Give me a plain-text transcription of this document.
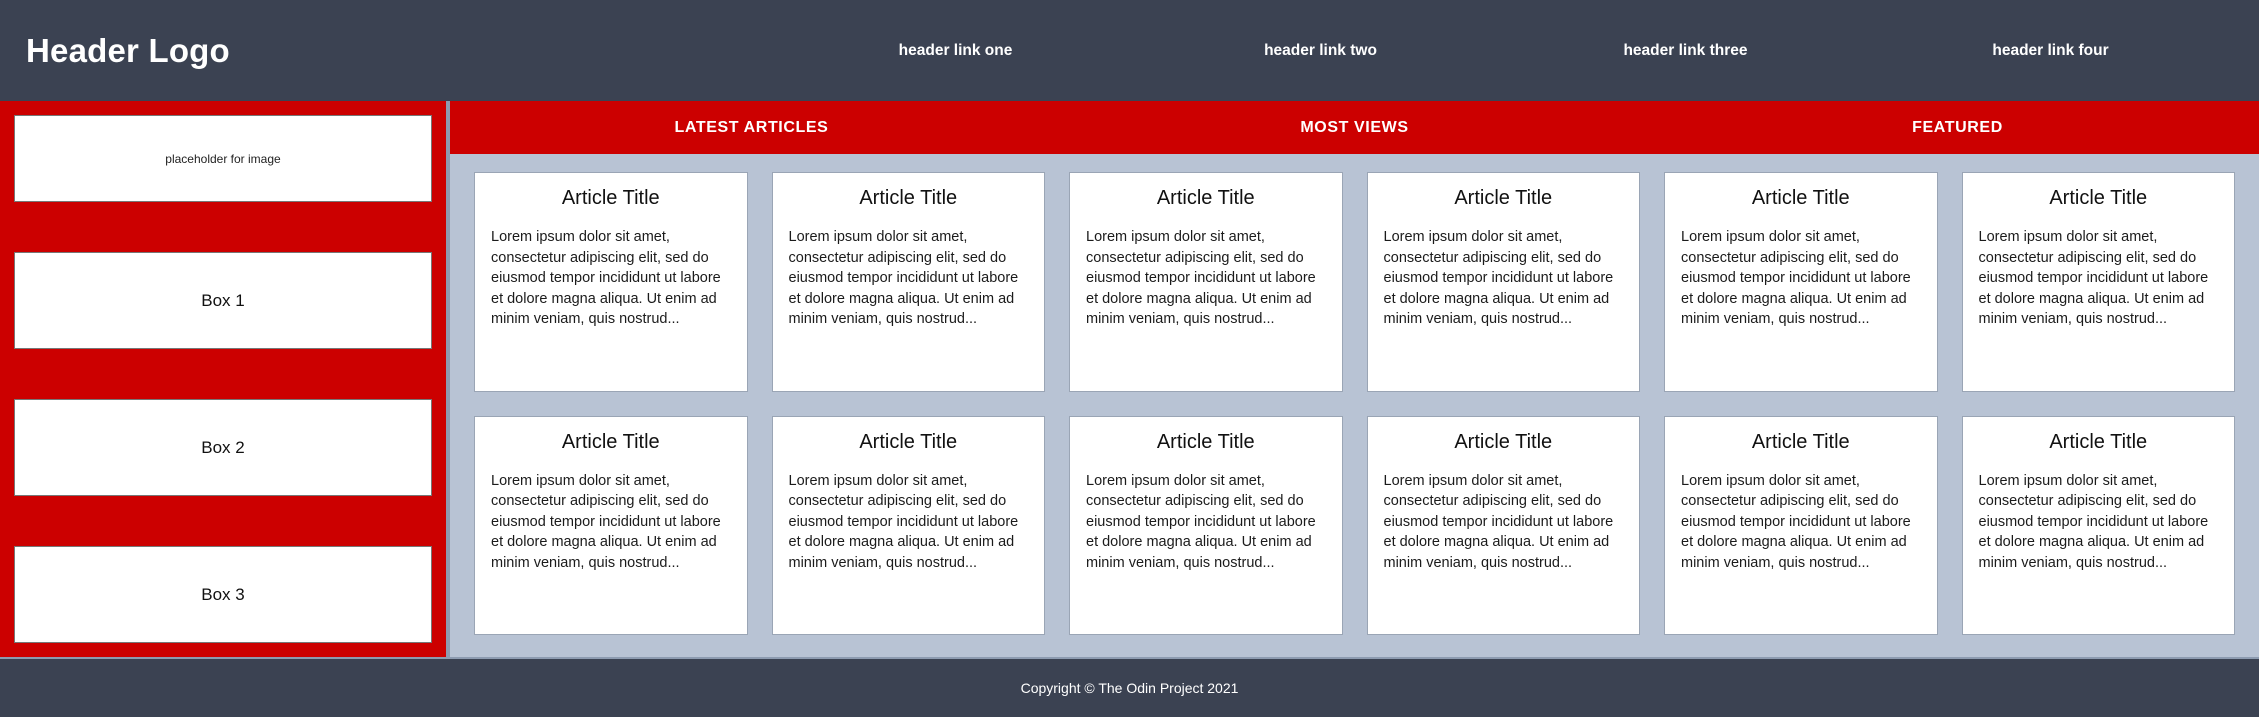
Header Logo	header link one	header link two	header link three	header link four
placeholder for image
Box 1
Box 2
Box 3
LATEST ARTICLES	MOST VIEWS	FEATURED
Article Title
Lorem ipsum dolor sit amet, consectetur adipiscing elit, sed do eiusmod tempor incididunt ut labore et dolore magna aliqua. Ut enim ad minim veniam, quis nostrud...
Article Title
Lorem ipsum dolor sit amet, consectetur adipiscing elit, sed do eiusmod tempor incididunt ut labore et dolore magna aliqua. Ut enim ad minim veniam, quis nostrud...
Article Title
Lorem ipsum dolor sit amet, consectetur adipiscing elit, sed do eiusmod tempor incididunt ut labore et dolore magna aliqua. Ut enim ad minim veniam, quis nostrud...
Article Title
Lorem ipsum dolor sit amet, consectetur adipiscing elit, sed do eiusmod tempor incididunt ut labore et dolore magna aliqua. Ut enim ad minim veniam, quis nostrud...
Article Title
Lorem ipsum dolor sit amet, consectetur adipiscing elit, sed do eiusmod tempor incididunt ut labore et dolore magna aliqua. Ut enim ad minim veniam, quis nostrud...
Article Title
Lorem ipsum dolor sit amet, consectetur adipiscing elit, sed do eiusmod tempor incididunt ut labore et dolore magna aliqua. Ut enim ad minim veniam, quis nostrud...
Article Title
Lorem ipsum dolor sit amet, consectetur adipiscing elit, sed do eiusmod tempor incididunt ut labore et dolore magna aliqua. Ut enim ad minim veniam, quis nostrud...
Article Title
Lorem ipsum dolor sit amet, consectetur adipiscing elit, sed do eiusmod tempor incididunt ut labore et dolore magna aliqua. Ut enim ad minim veniam, quis nostrud...
Article Title
Lorem ipsum dolor sit amet, consectetur adipiscing elit, sed do eiusmod tempor incididunt ut labore et dolore magna aliqua. Ut enim ad minim veniam, quis nostrud...
Article Title
Lorem ipsum dolor sit amet, consectetur adipiscing elit, sed do eiusmod tempor incididunt ut labore et dolore magna aliqua. Ut enim ad minim veniam, quis nostrud...
Article Title
Lorem ipsum dolor sit amet, consectetur adipiscing elit, sed do eiusmod tempor incididunt ut labore et dolore magna aliqua. Ut enim ad minim veniam, quis nostrud...
Article Title
Lorem ipsum dolor sit amet, consectetur adipiscing elit, sed do eiusmod tempor incididunt ut labore et dolore magna aliqua. Ut enim ad minim veniam, quis nostrud...
Copyright © The Odin Project 2021
